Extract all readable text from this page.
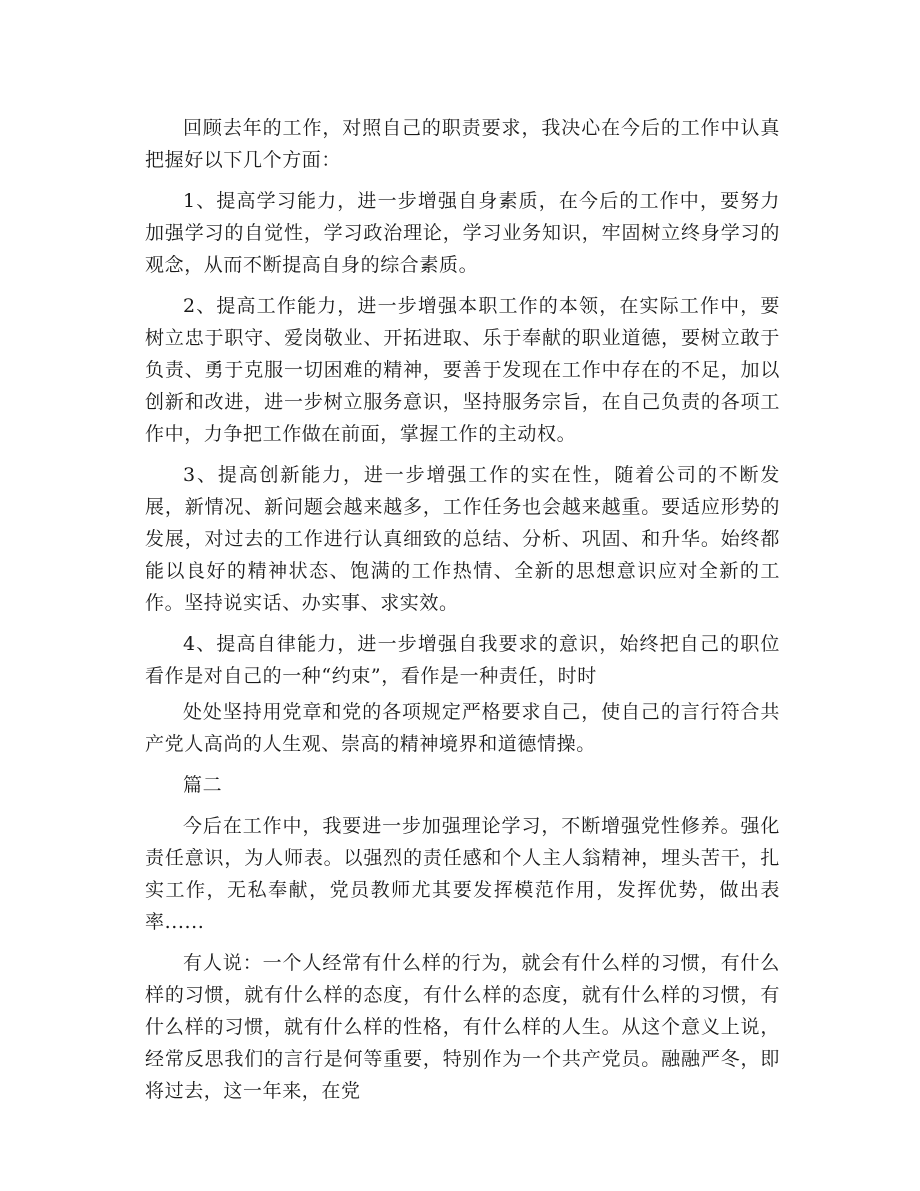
回顾去年的工作，对照自己的职责要求，我决心在今后的工作中认真把握好以下几个方面：

1、提高学习能力，进一步增强自身素质，在今后的工作中，要努力加强学习的自觉性，学习政治理论，学习业务知识，牢固树立终身学习的观念，从而不断提高自身的综合素质。

2、提高工作能力，进一步增强本职工作的本领，在实际工作中，要树立忠于职守、爱岗敬业、开拓进取、乐于奉献的职业道德，要树立敢于负责、勇于克服一切困难的精神，要善于发现在工作中存在的不足，加以创新和改进，进一步树立服务意识，坚持服务宗旨，在自己负责的各项工作中，力争把工作做在前面，掌握工作的主动权。

3、提高创新能力，进一步增强工作的实在性，随着公司的不断发展，新情况、新问题会越来越多，工作任务也会越来越重。要适应形势的发展，对过去的工作进行认真细致的总结、分析、巩固、和升华。始终都能以良好的精神状态、饱满的工作热情、全新的思想意识应对全新的工作。坚持说实话、办实事、求实效。

4、提高自律能力，进一步增强自我要求的意识，始终把自己的职位看作是对自己的一种“约束”，看作是一种责任，时时

处处坚持用党章和党的各项规定严格要求自己，使自己的言行符合共产党人高尚的人生观、崇高的精神境界和道德情操。

篇二

今后在工作中，我要进一步加强理论学习，不断增强党性修养。强化责任意识，为人师表。以强烈的责任感和个人主人翁精神，埋头苦干，扎实工作，无私奉献，党员教师尤其要发挥模范作用，发挥优势，做出表率......

有人说：一个人经常有什么样的行为，就会有什么样的习惯，有什么样的习惯，就有什么样的态度，有什么样的态度，就有什么样的习惯，有什么样的习惯，就有什么样的性格，有什么样的人生。从这个意义上说，经常反思我们的言行是何等重要，特别作为一个共产党员。融融严冬，即将过去，这一年来，在党
